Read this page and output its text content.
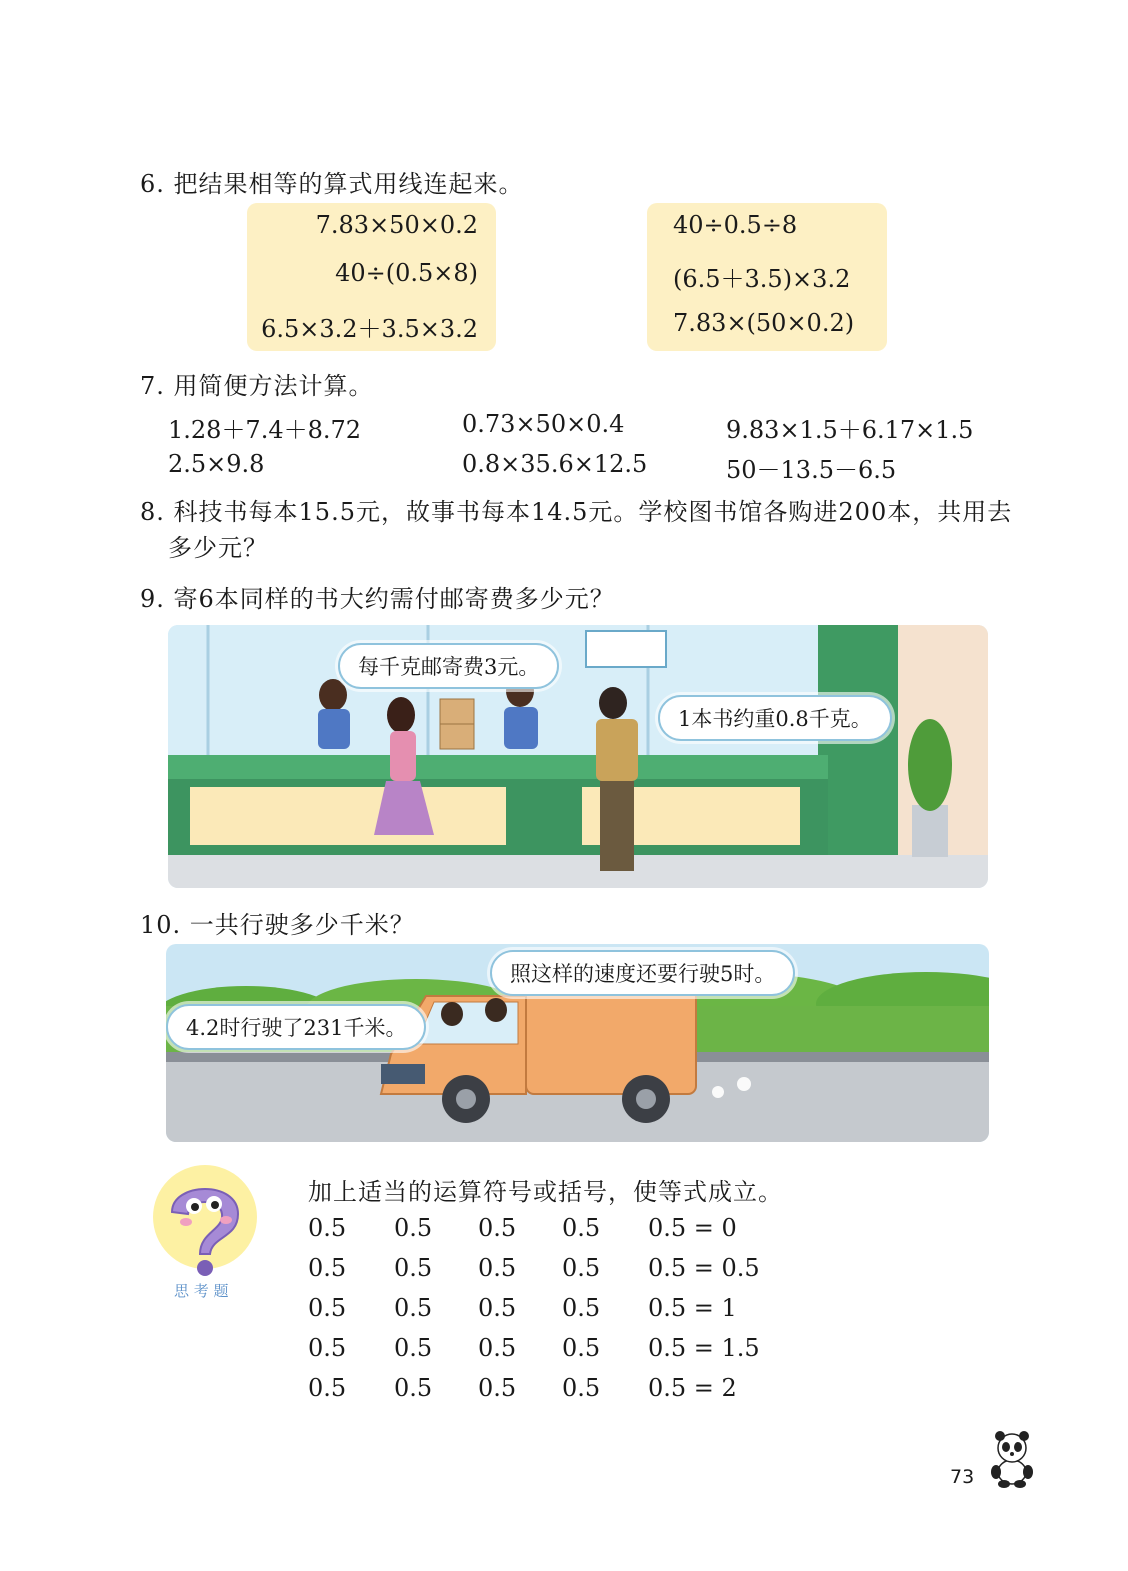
6. 把结果相等的算式用线连起来。
7.83×50×0.2
40÷(0.5×8)
6.5×3.2＋3.5×3.2
40÷0.5÷8
(6.5＋3.5)×3.2
7.83×(50×0.2)
7. 用简便方法计算。
1.28＋7.4＋8.72	0.73×50×0.4	9.83×1.5＋6.17×1.5
2.5×9.8	0.8×35.6×12.5	50－13.5－6.5
8. 科技书每本15.5元，故事书每本14.5元。学校图书馆各购进200本，共用去
多少元？
9. 寄6本同样的书大约需付邮寄费多少元？
每千克邮寄费3元。
1本书约重0.8千克。
10. 一共行驶多少千米？
照这样的速度还要行驶5时。
4.2时行驶了231千米。
思 考 题
加上适当的运算符号或括号，使等式成立。
0.5 0.5 0.5 0.5 0.5 = 0
0.5 0.5 0.5 0.5 0.5 = 0.5
0.5 0.5 0.5 0.5 0.5 = 1
0.5 0.5 0.5 0.5 0.5 = 1.5
0.5 0.5 0.5 0.5 0.5 = 2
73
